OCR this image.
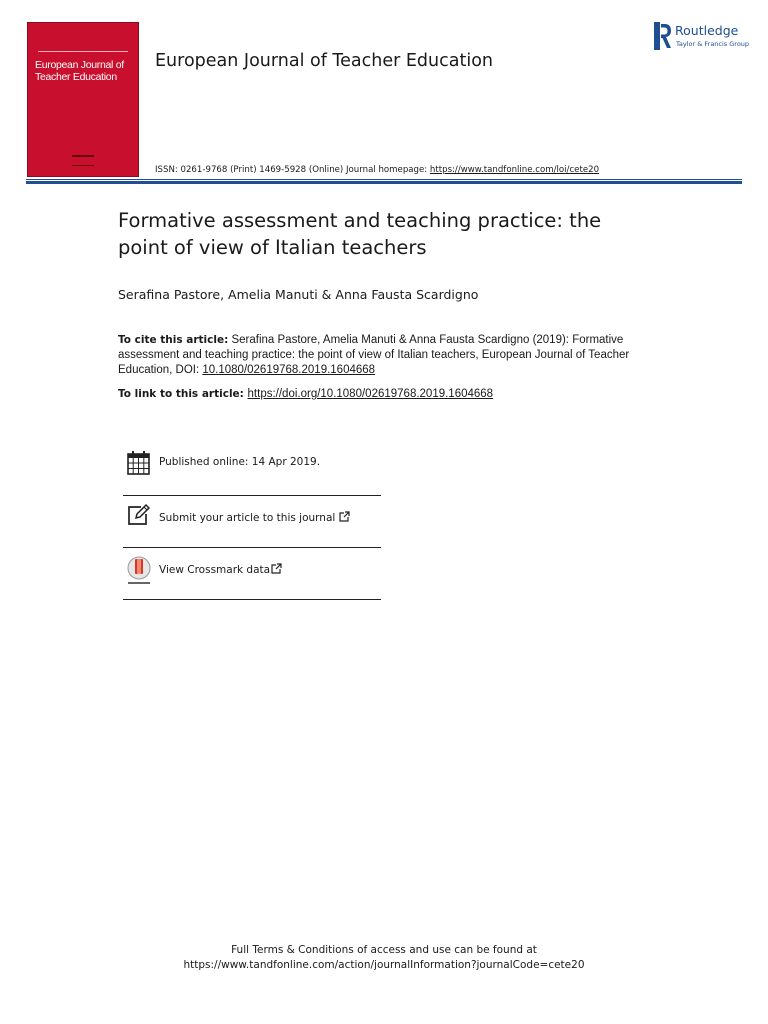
European Journal of
Teacher Education
European Journal of Teacher Education
ISSN: 0261-9768 (Print) 1469-5928 (Online) Journal homepage: https://www.tandfonline.com/loi/cete20
Routledge
Taylor & Francis Group
Formative assessment and teaching practice: the
point of view of Italian teachers
Serafina Pastore, Amelia Manuti & Anna Fausta Scardigno
To cite this article: Serafina Pastore, Amelia Manuti & Anna Fausta Scardigno (2019): Formative assessment and teaching practice: the point of view of Italian teachers, European Journal of Teacher Education, DOI: 10.1080/02619768.2019.1604668
To link to this article: https://doi.org/10.1080/02619768.2019.1604668
Published online: 14 Apr 2019.
Submit your article to this journal
View Crossmark data
Full Terms & Conditions of access and use can be found at
https://www.tandfonline.com/action/journalInformation?journalCode=cete20
